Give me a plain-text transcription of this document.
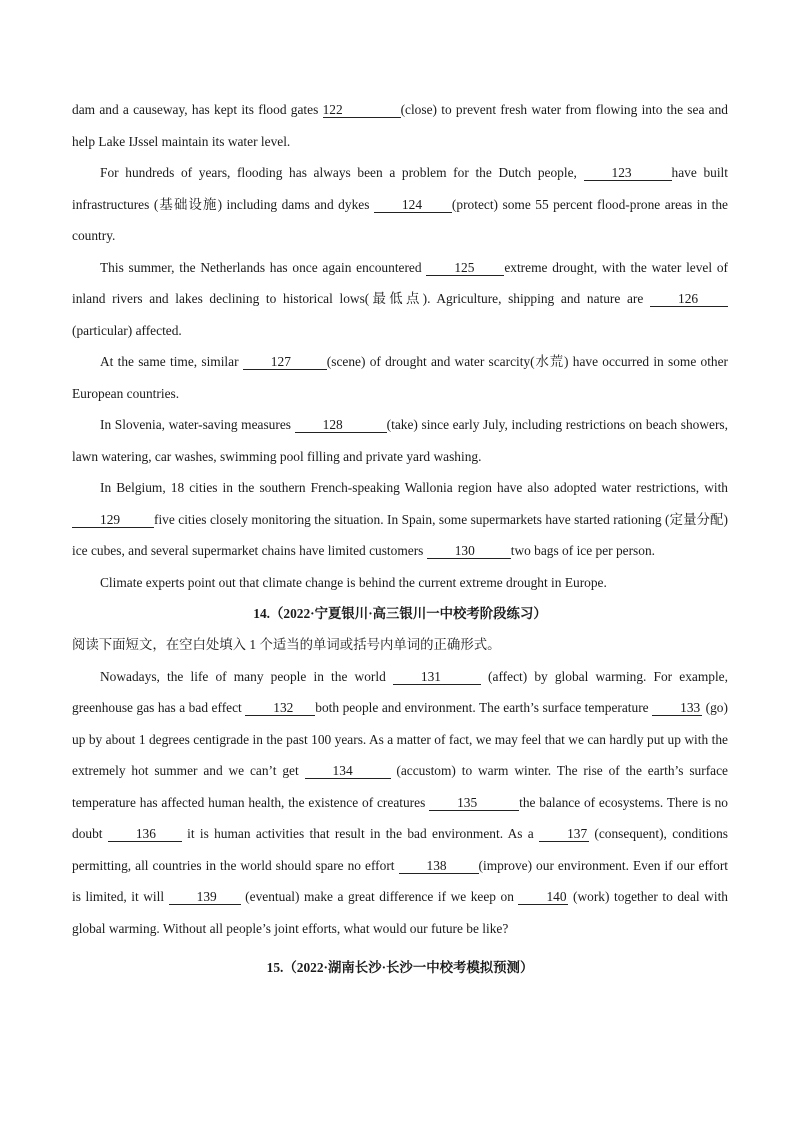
dam and a causeway, has kept its flood gates 122	(close) to prevent fresh water from flowing into the sea and help Lake IJssel maintain its water level.

For hundreds of years, flooding has always been a problem for the Dutch people, 123	have built infrastructures (基础设施) including dams and dykes 124 (protect) some 55 percent flood-prone areas in the country.

This summer, the Netherlands has once again encountered 125 extreme drought, with the water level of inland rivers and lakes declining to historical lows(最低点). Agriculture, shipping and nature are 126(particular) affected.

At the same time, similar 127	(scene) of drought and water scarcity(水荒) have occurred in some other European countries.

In Slovenia, water-saving measures 128	(take) since early July, including restrictions on beach showers, lawn watering, car washes, swimming pool filling and private yard washing.

In Belgium, 18 cities in the southern French-speaking Wallonia region have also adopted water restrictions, with 129	five cities closely monitoring the situation. In Spain, some supermarkets have started rationing (定量分配) ice cubes, and several supermarket chains have limited customers 130	two bags of ice per person.

Climate experts point out that climate change is behind the current extreme drought in Europe.

14.（2022·宁夏银川·高三银川一中校考阶段练习）

阅读下面短文，在空白处填入 1 个适当的单词或括号内单词的正确形式。

Nowadays, the life of many people in the world 131	(affect) by global warming. For example, greenhouse gas has a bad effect 132 both people and environment. The earth’s surface temperature 133 (go) up by about 1 degrees centigrade in the past 100 years. As a matter of fact, we may feel that we can hardly put up with the extremely hot summer and we can’t get 134	(accustom) to warm winter. The rise of the earth’s surface temperature has affected human health, the existence of creatures 135	the balance of ecosystems. There is no doubt 136 it is human activities that result in the bad environment. As a 137 (consequent), conditions permitting, all countries in the world should spare no effort 138 (improve) our environment. Even if our effort is limited, it will 139 (eventual) make a great difference if we keep on 140 (work) together to deal with global warming. Without all people’s joint efforts, what would our future be like?

15.（2022·湖南长沙·长沙一中校考模拟预测）
